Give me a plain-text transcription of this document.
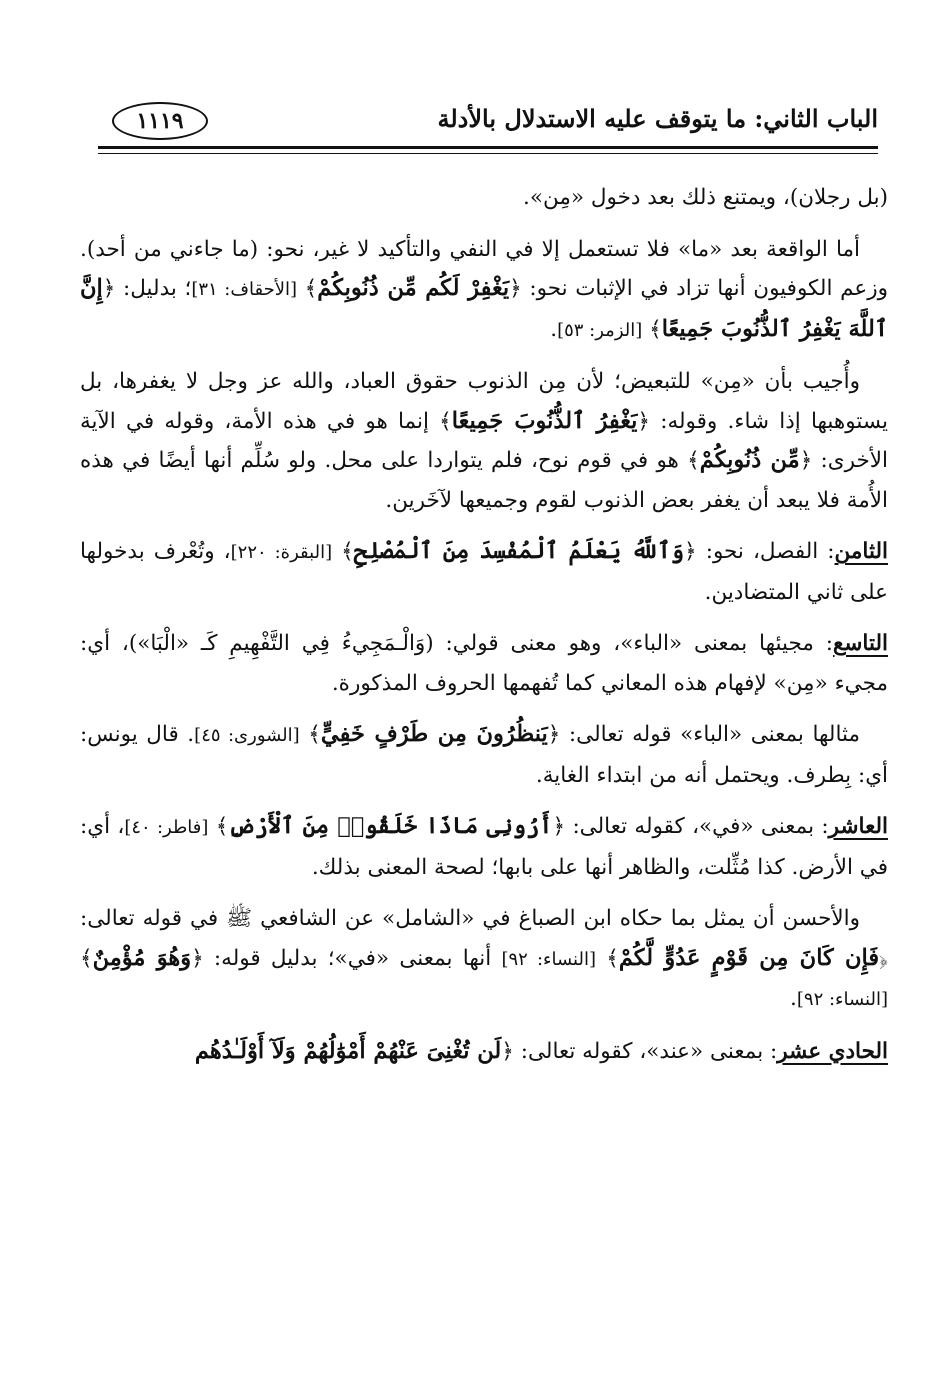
الباب الثاني: ما يتوقف عليه الاستدلال بالأدلة
١١١٩

(بل رجلان)، ويمتنع ذلك بعد دخول «مِن».

أما الواقعة بعد «ما» فلا تستعمل إلا في النفي والتأكيد لا غير، نحو: (ما جاءني من أحد). وزعم الكوفيون أنها تزاد في الإثبات نحو: ﴿يَغْفِرْ لَكُم مِّن ذُنُوبِكُمْ﴾ [الأحقاف: ٣١]؛ بدليل: ﴿إِنَّ ٱللَّهَ يَغْفِرُ ٱلذُّنُوبَ جَمِيعًا﴾ [الزمر: ٥٣].

وأُجيب بأن «مِن» للتبعيض؛ لأن مِن الذنوب حقوق العباد، والله عز وجل لا يغفرها، بل يستوهبها إذا شاء. وقوله: ﴿يَغْفِرُ ٱلذُّنُوبَ جَمِيعًا﴾ إنما هو في هذه الأمة، وقوله في الآية الأخرى: ﴿مِّن ذُنُوبِكُمْ﴾ هو في قوم نوح، فلم يتواردا على محل. ولو سُلِّم أنها أيضًا في هذه الأُمة فلا يبعد أن يغفر بعض الذنوب لقوم وجميعها لآخَرين.

الثامن: الفصل، نحو: ﴿وَٱللَّهُ يَعْلَمُ ٱلْمُفْسِدَ مِنَ ٱلْمُصْلِحِ﴾ [البقرة: ٢٢٠]، وتُعْرف بدخولها على ثاني المتضادين.

التاسع: مجيئها بمعنى «الباء»، وهو معنى قولي: (وَالْـمَجِيءُ فِي التَّفْهِيمِ كَـ «الْبَا»)، أي: مجيء «مِن» لإفهام هذه المعاني كما تُفهمها الحروف المذكورة.

مثالها بمعنى «الباء» قوله تعالى: ﴿يَنظُرُونَ مِن طَرْفٍ خَفِيٍّ﴾ [الشورى: ٤٥]. قال يونس: أي: بِطرف. ويحتمل أنه من ابتداء الغاية.

العاشر: بمعنى «في»، كقوله تعالى: ﴿أَرُونِى مَاذَا خَلَقُوا۟ مِنَ ٱلْأَرْضِ﴾ [فاطر: ٤٠]، أي: في الأرض. كذا مُثِّلت، والظاهر أنها على بابها؛ لصحة المعنى بذلك.

والأحسن أن يمثل بما حكاه ابن الصباغ في «الشامل» عن الشافعي ﷺ في قوله تعالى: ﴿فَإِن كَانَ مِن قَوْمٍ عَدُوٍّ لَّكُمْ﴾ [النساء: ٩٢] أنها بمعنى «في»؛ بدليل قوله: ﴿وَهُوَ مُؤْمِنٌ﴾ [النساء: ٩٢].

الحادي عشر: بمعنى «عند»، كقوله تعالى: ﴿لَن تُغْنِىَ عَنْهُمْ أَمْوَٰلُهُمْ وَلَآ أَوْلَـٰدُهُم
